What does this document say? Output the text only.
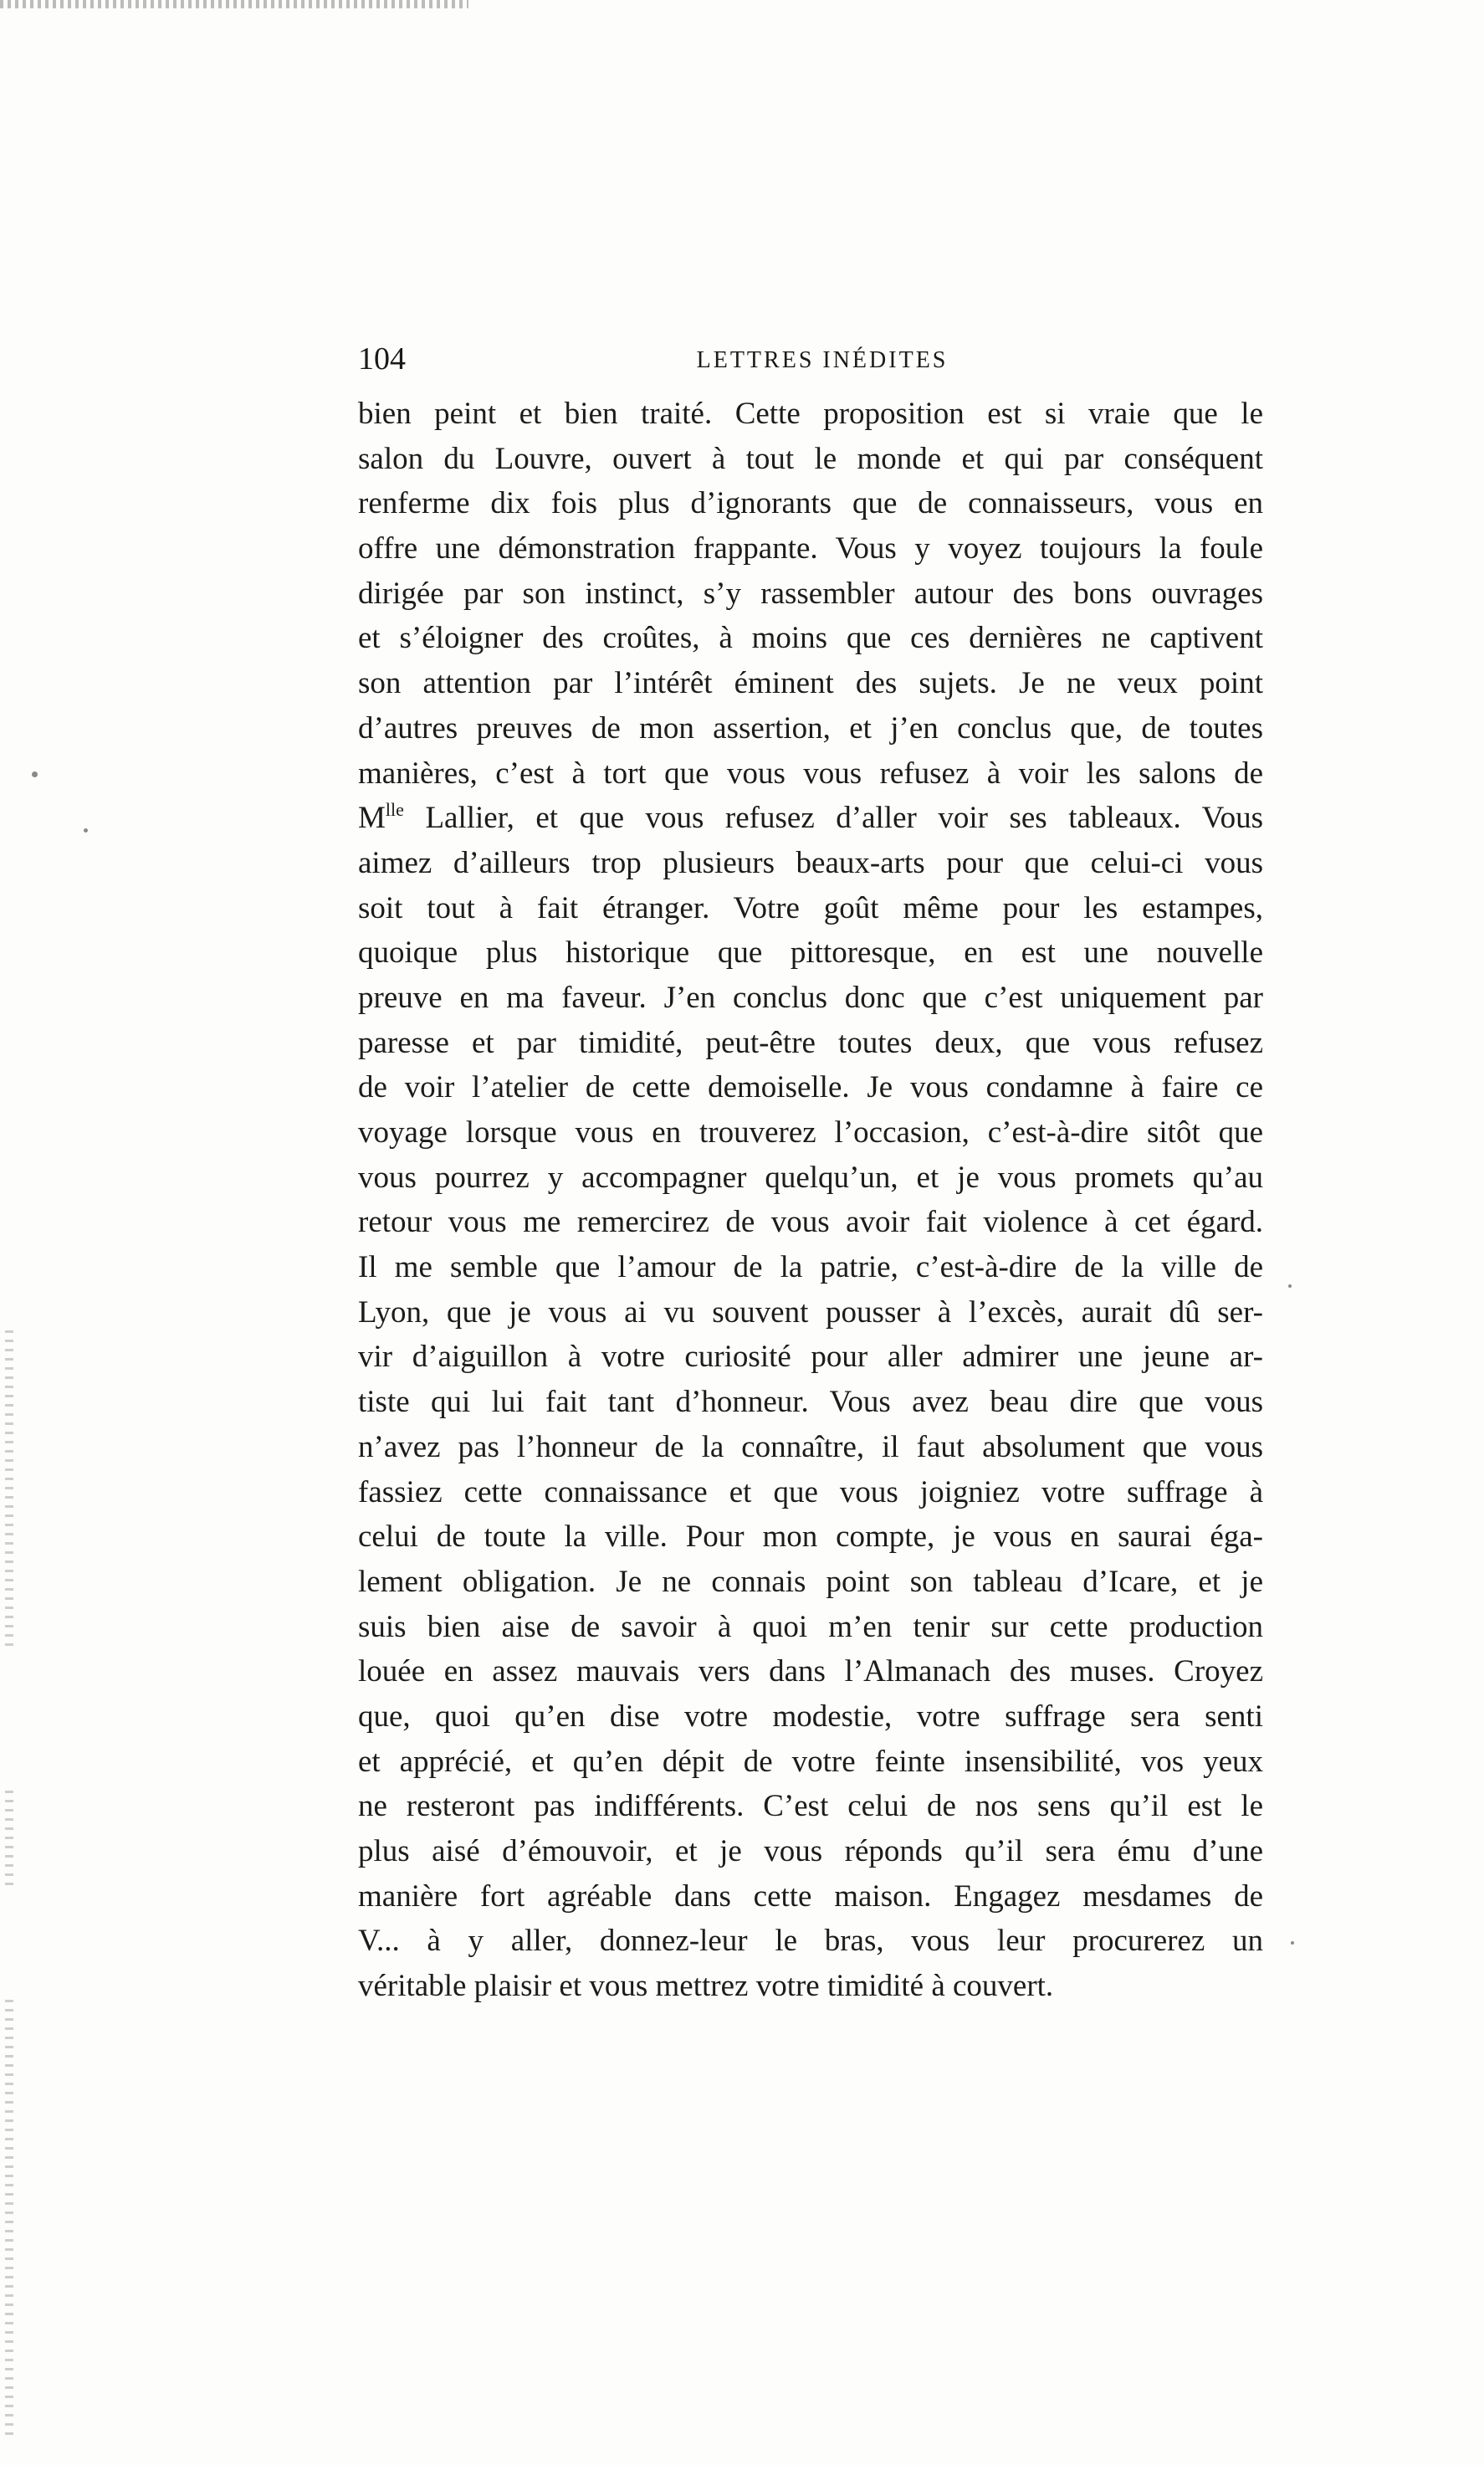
104	LETTRES INÉDITES
bien peint et bien traité. Cette proposition est si vraie que le
salon du Louvre, ouvert à tout le monde et qui par conséquent
renferme dix fois plus d’ignorants que de connaisseurs, vous en
offre une démonstration frappante. Vous y voyez toujours la foule
dirigée par son instinct, s’y rassembler autour des bons ouvrages
et s’éloigner des croûtes, à moins que ces dernières ne captivent
son attention par l’intérêt éminent des sujets. Je ne veux point
d’autres preuves de mon assertion, et j’en conclus que, de toutes
manières, c’est à tort que vous vous refusez à voir les salons de
$M^{lle}$ Lallier, et que vous refusez d’aller voir ses tableaux. Vous
aimez d’ailleurs trop plusieurs beaux-arts pour que celui-ci vous
soit tout à fait étranger. Votre goût même pour les estampes,
quoique plus historique que pittoresque, en est une nouvelle
preuve en ma faveur. J’en conclus donc que c’est uniquement par
paresse et par timidité, peut-être toutes deux, que vous refusez
de voir l’atelier de cette demoiselle. Je vous condamne à faire ce
voyage lorsque vous en trouverez l’occasion, c’est-à-dire sitôt que
vous pourrez y accompagner quelqu’un, et je vous promets qu’au
retour vous me remercirez de vous avoir fait violence à cet égard.
Il me semble que l’amour de la patrie, c’est-à-dire de la ville de
Lyon, que je vous ai vu souvent pousser à l’excès, aurait dû ser-
vir d’aiguillon à votre curiosité pour aller admirer une jeune ar-
tiste qui lui fait tant d’honneur. Vous avez beau dire que vous
n’avez pas l’honneur de la connaître, il faut absolument que vous
fassiez cette connaissance et que vous joigniez votre suffrage à
celui de toute la ville. Pour mon compte, je vous en saurai éga-
lement obligation. Je ne connais point son tableau d’Icare, et je
suis bien aise de savoir à quoi m’en tenir sur cette production
louée en assez mauvais vers dans l’Almanach des muses. Croyez
que, quoi qu’en dise votre modestie, votre suffrage sera senti
et apprécié, et qu’en dépit de votre feinte insensibilité, vos yeux
ne resteront pas indifférents. C’est celui de nos sens qu’il est le
plus aisé d’émouvoir, et je vous réponds qu’il sera ému d’une
manière fort agréable dans cette maison. Engagez mesdames de
V... à y aller, donnez-leur le bras, vous leur procurerez un
véritable plaisir et vous mettrez votre timidité à couvert.
